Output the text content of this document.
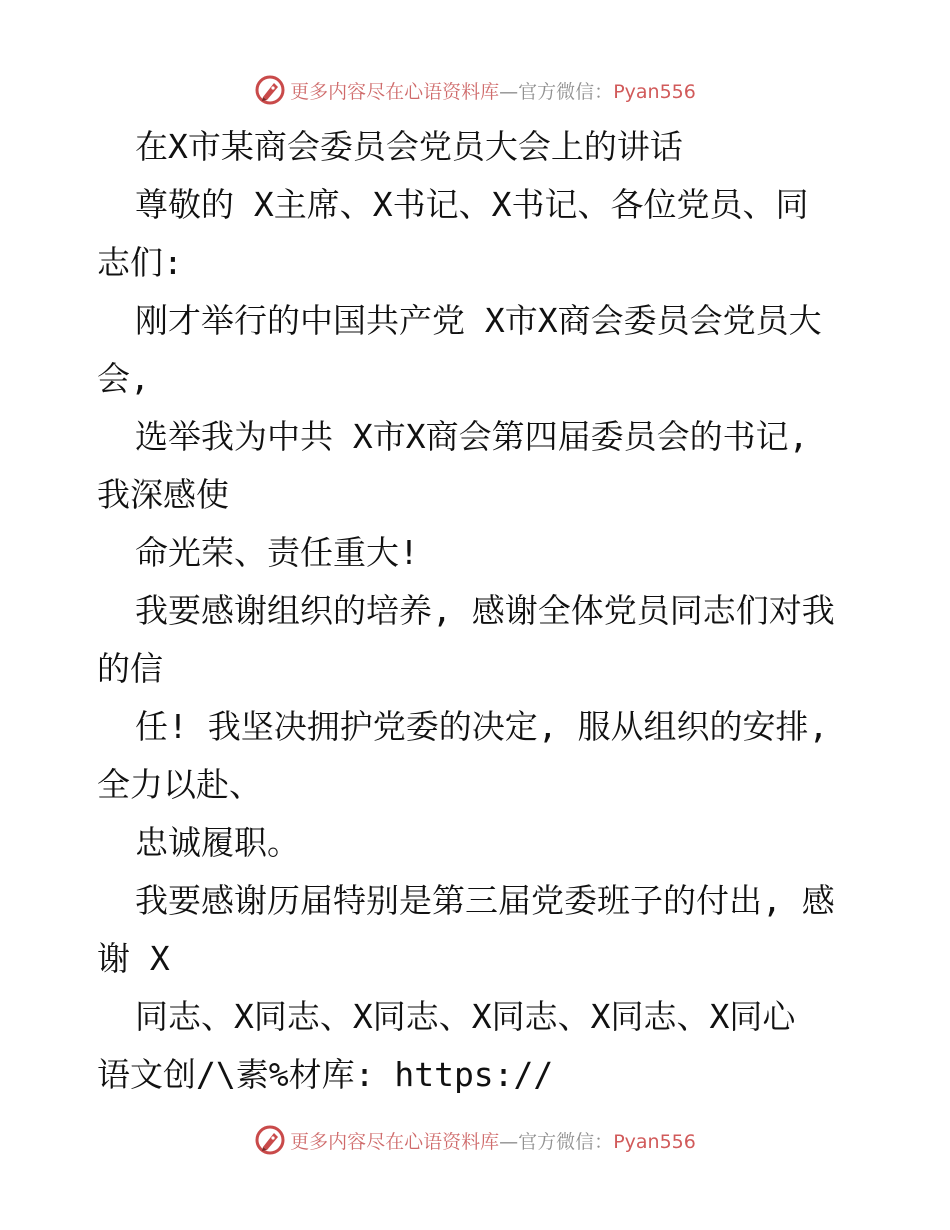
更多内容尽在心语资料库—官方微信：Pyan556
在X市某商会委员会党员大会上的讲话
尊敬的 X主席、X书记、X书记、各位党员、同
志们:
刚才举行的中国共产党 X市X商会委员会党员大
会,
选举我为中共 X市X商会第四届委员会的书记,
我深感使
命光荣、责任重大!
我要感谢组织的培养, 感谢全体党员同志们对我
的信
任! 我坚决拥护党委的决定, 服从组织的安排,
全力以赴、
忠诚履职。
我要感谢历届特别是第三届党委班子的付出, 感
谢 X
同志、X同志、X同志、X同志、X同志、X同心
语文创/\素%材库: https://
更多内容尽在心语资料库—官方微信：Pyan556
